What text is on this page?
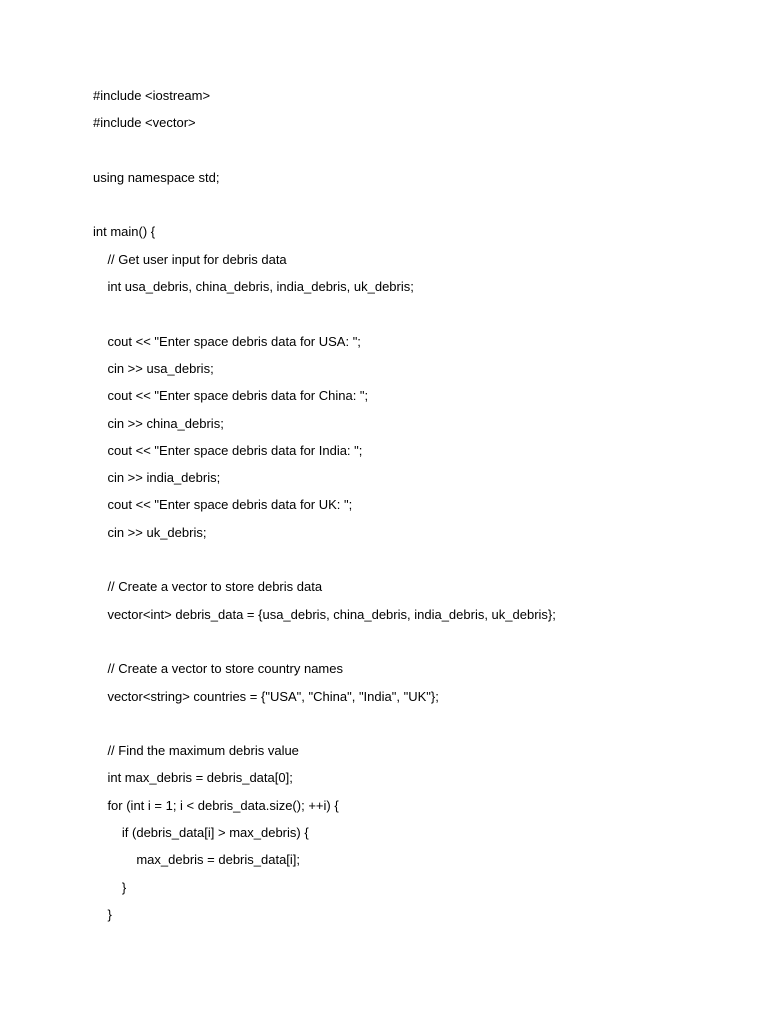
#include <iostream>
#include <vector>
using namespace std;
int main() {
// Get user input for debris data
int usa_debris, china_debris, india_debris, uk_debris;
cout << "Enter space debris data for USA: ";
cin >> usa_debris;
cout << "Enter space debris data for China: ";
cin >> china_debris;
cout << "Enter space debris data for India: ";
cin >> india_debris;
cout << "Enter space debris data for UK: ";
cin >> uk_debris;
// Create a vector to store debris data
vector<int> debris_data = {usa_debris, china_debris, india_debris, uk_debris};
// Create a vector to store country names
vector<string> countries = {"USA", "China", "India", "UK"};
// Find the maximum debris value
int max_debris = debris_data[0];
for (int i = 1; i < debris_data.size(); ++i) {
if (debris_data[i] > max_debris) {
max_debris = debris_data[i];
}
}
